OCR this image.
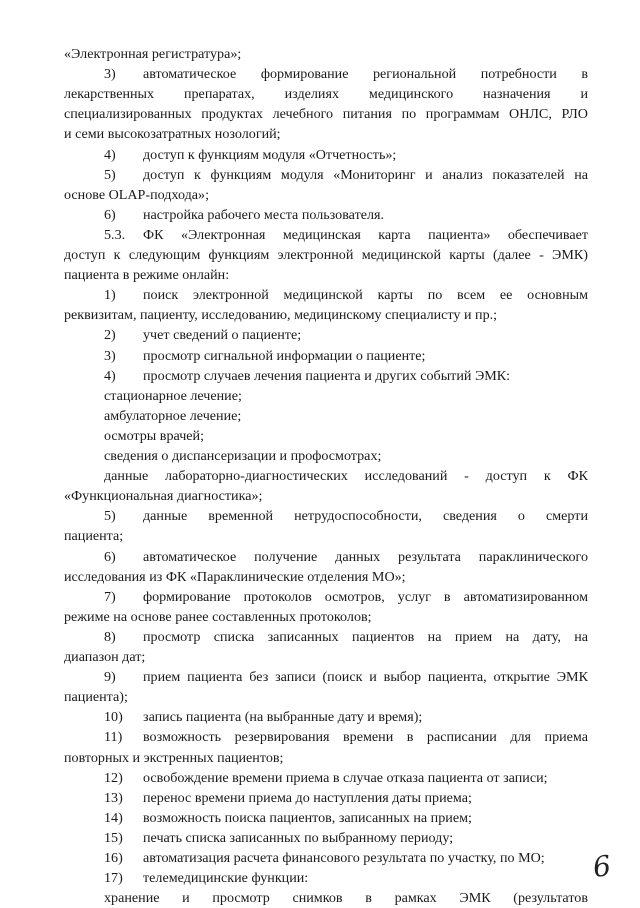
«Электронная регистратура»;
3) автоматическое формирование региональной потребности в
лекарственных препаратах, изделиях медицинского назначения и
специализированных продуктах лечебного питания по программам ОНЛС, РЛО
и семи высокозатратных нозологий;
4) доступ к функциям модуля «Отчетность»;
5) доступ к функциям модуля «Мониторинг и анализ показателей на
основе OLAP-подхода»;
6) настройка рабочего места пользователя.
5.3. ФК «Электронная медицинская карта пациента» обеспечивает
доступ к следующим функциям электронной медицинской карты (далее - ЭМК)
пациента в режиме онлайн:
1) поиск электронной медицинской карты по всем ее основным
реквизитам, пациенту, исследованию, медицинскому специалисту и пр.;
2) учет сведений о пациенте;
3) просмотр сигнальной информации о пациенте;
4) просмотр случаев лечения пациента и других событий ЭМК:
стационарное лечение;
амбулаторное лечение;
осмотры врачей;
сведения о диспансеризации и профосмотрах;
данные лабораторно-диагностических исследований - доступ к ФК
«Функциональная диагностика»;
5) данные временной нетрудоспособности, сведения о смерти
пациента;
6) автоматическое получение данных результата параклинического
исследования из ФК «Параклинические отделения МО»;
7) формирование протоколов осмотров, услуг в автоматизированном
режиме на основе ранее составленных протоколов;
8) просмотр списка записанных пациентов на прием на дату, на
диапазон дат;
9) прием пациента без записи (поиск и выбор пациента, открытие ЭМК
пациента);
10) запись пациента (на выбранные дату и время);
11) возможность резервирования времени в расписании для приема
повторных и экстренных пациентов;
12) освобождение времени приема в случае отказа пациента от записи;
13) перенос времени приема до наступления даты приема;
14) возможность поиска пациентов, записанных на прием;
15) печать списка записанных по выбранному периоду;
16) автоматизация расчета финансового результата по участку, по МО;
17) телемедицинские функции:
хранение и просмотр снимков в рамках ЭМК (результатов
6
